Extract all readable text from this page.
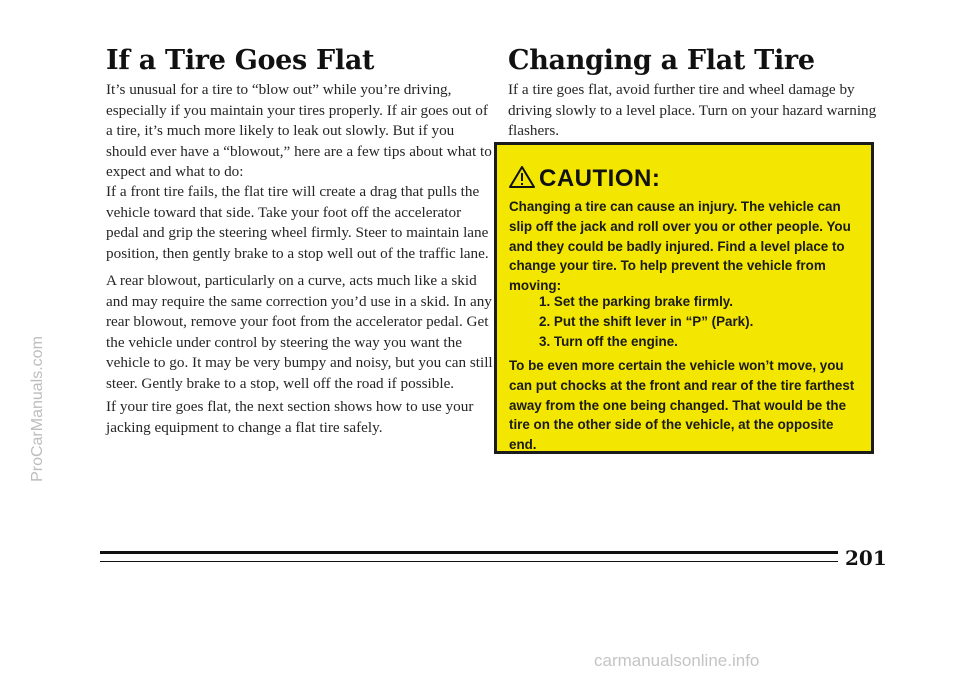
If a Tire Goes Flat

It’s unusual for a tire to “blow out” while you’re driving, especially if you maintain your tires properly. If air goes out of a tire, it’s much more likely to leak out slowly. But if you should ever have a “blowout,” here are a few tips about what to expect and what to do:

If a front tire fails, the flat tire will create a drag that pulls the vehicle toward that side. Take your foot off the accelerator pedal and grip the steering wheel firmly. Steer to maintain lane position, then gently brake to a stop well out of the traffic lane.

A rear blowout, particularly on a curve, acts much like a skid and may require the same correction you’d use in a skid. In any rear blowout, remove your foot from the accelerator pedal. Get the vehicle under control by steering the way you want the vehicle to go. It may be very bumpy and noisy, but you can still steer. Gently brake to a stop, well off the road if possible.

If your tire goes flat, the next section shows how to use your jacking equipment to change a flat tire safely.

Changing a Flat Tire

If a tire goes flat, avoid further tire and wheel damage by driving slowly to a level place. Turn on your hazard warning flashers.

CAUTION:

Changing a tire can cause an injury. The vehicle can slip off the jack and roll over you or other people. You and they could be badly injured. Find a level place to change your tire. To help prevent the vehicle from moving:

1. Set the parking brake firmly.
2. Put the shift lever in “P” (Park).
3. Turn off the engine.

To be even more certain the vehicle won’t move, you can put chocks at the front and rear of the tire farthest away from the one being changed. That would be the tire on the other side of the vehicle, at the opposite end.

201
ProCarManuals.com
carmanualsonline.info
